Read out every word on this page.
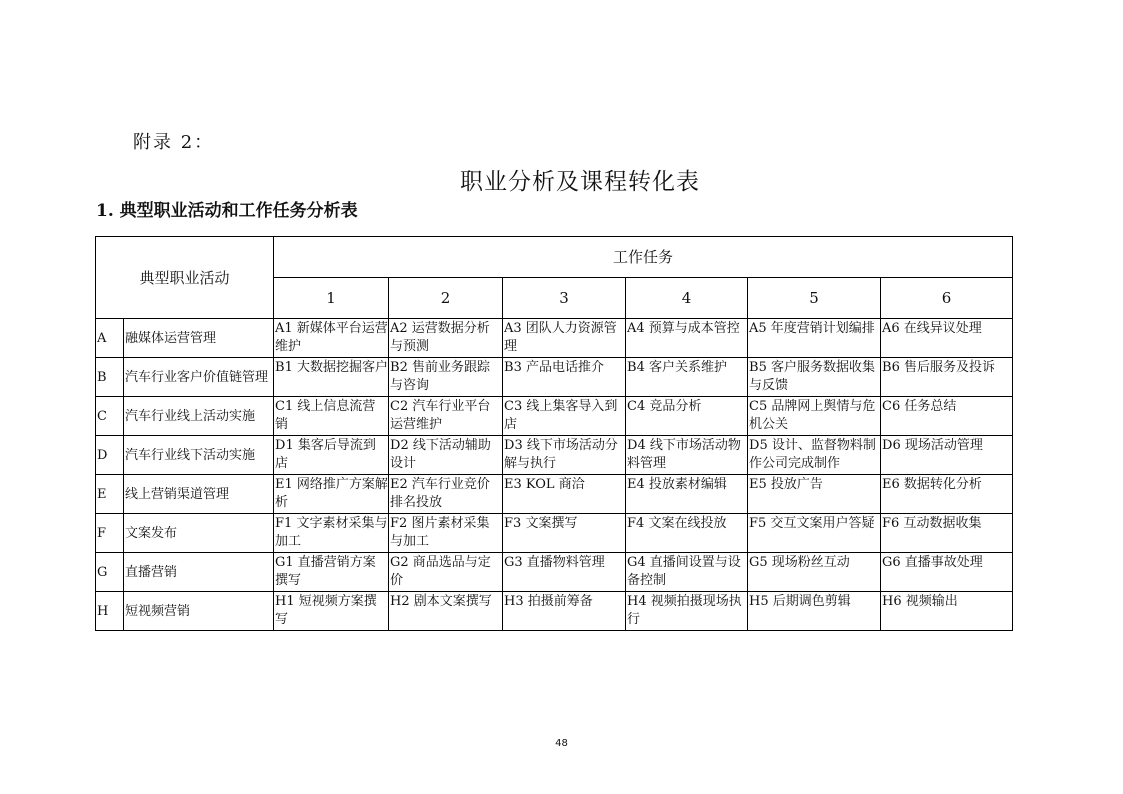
附录 2：
职业分析及课程转化表
1. 典型职业活动和工作任务分析表
典型职业活动		工作任务					
		1	2	3	4	5	6
A	融媒体运营管理	A1 新媒体平台运营维护	A2 运营数据分析与预测	A3 团队人力资源管理	A4 预算与成本管控	A5 年度营销计划编排	A6 在线异议处理
B	汽车行业客户价值链管理	B1 大数据挖掘客户	B2 售前业务跟踪与咨询	B3 产品电话推介	B4 客户关系维护	B5 客户服务数据收集与反馈	B6 售后服务及投诉
C	汽车行业线上活动实施	C1 线上信息流营销	C2 汽车行业平台运营维护	C3 线上集客导入到店	C4 竞品分析	C5 品牌网上舆情与危机公关	C6 任务总结
D	汽车行业线下活动实施	D1 集客后导流到店	D2 线下活动辅助设计	D3 线下市场活动分解与执行	D4 线下市场活动物料管理	D5 设计、监督物料制作公司完成制作	D6 现场活动管理
E	线上营销渠道管理	E1 网络推广方案解析	E2 汽车行业竞价排名投放	E3 KOL 商洽	E4 投放素材编辑	E5 投放广告	E6 数据转化分析
F	文案发布	F1 文字素材采集与加工	F2 图片素材采集与加工	F3 文案撰写	F4 文案在线投放	F5 交互文案用户答疑	F6 互动数据收集
G	直播营销	G1 直播营销方案撰写	G2 商品选品与定价	G3 直播物料管理	G4 直播间设置与设备控制	G5 现场粉丝互动	G6 直播事故处理
H	短视频营销	H1 短视频方案撰写	H2 剧本文案撰写	H3 拍摄前筹备	H4 视频拍摄现场执行	H5 后期调色剪辑	H6 视频输出
48
